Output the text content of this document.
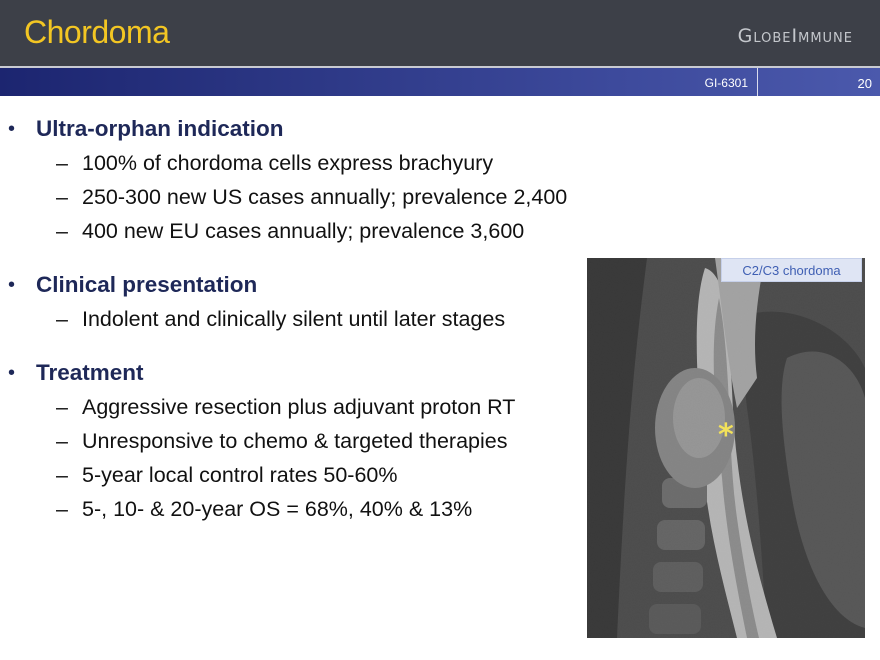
Chordoma	GlobeImmune
GI-6301	20
• Ultra-orphan indication
– 100% of chordoma cells express brachyury
– 250-300 new US cases annually; prevalence 2,400
– 400 new EU cases annually; prevalence 3,600
• Clinical presentation
– Indolent and clinically silent until later stages
• Treatment
– Aggressive resection plus adjuvant proton RT
– Unresponsive to chemo & targeted therapies
– 5-year local control rates 50-60%
– 5-, 10- & 20-year OS = 68%, 40% & 13%
C2/C3 chordoma
*
